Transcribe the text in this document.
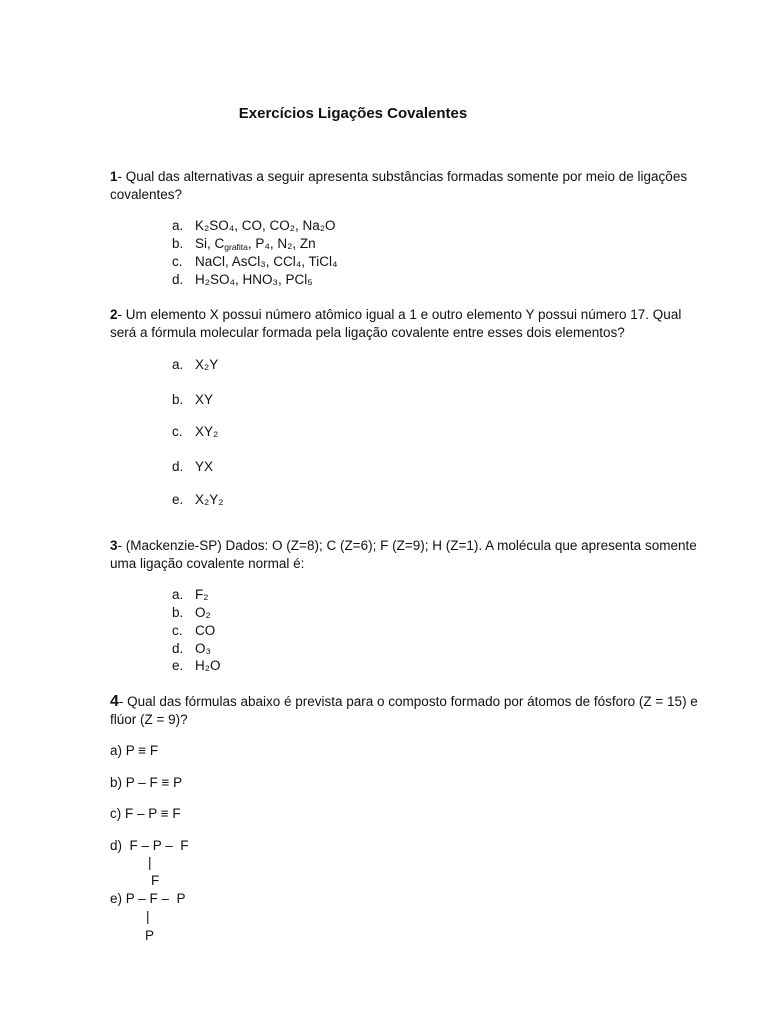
Exercícios Ligações Covalentes
1- Qual das alternativas a seguir apresenta substâncias formadas somente por meio de ligações covalentes?
a. K₂SO₄, CO, CO₂, Na₂O
b. Si, $C_{grafita}$, P₄, N₂, Zn
c. NaCl, AsCl₃, CCl₄, TiCl₄
d. H₂SO₄, HNO₃, PCl₅
2- Um elemento X possui número atômico igual a 1 e outro elemento Y possui número 17. Qual será a fórmula molecular formada pela ligação covalente entre esses dois elementos?
a. X₂Y
b. XY
c. XY₂
d. YX
e. X₂Y₂
3- (Mackenzie-SP) Dados: O (Z=8); C (Z=6); F (Z=9); H (Z=1). A molécula que apresenta somente uma ligação covalente normal é:
a. F₂
b. O₂
c. CO
d. O₃
e. H₂O
4- Qual das fórmulas abaixo é prevista para o composto formado por átomos de fósforo (Z = 15) e flúor (Z = 9)?
a) P ≡ F
b) P – F ≡ P
c) F – P ≡ F
d)  F – P –  F
|
F
e) P – F –  P
|
P
